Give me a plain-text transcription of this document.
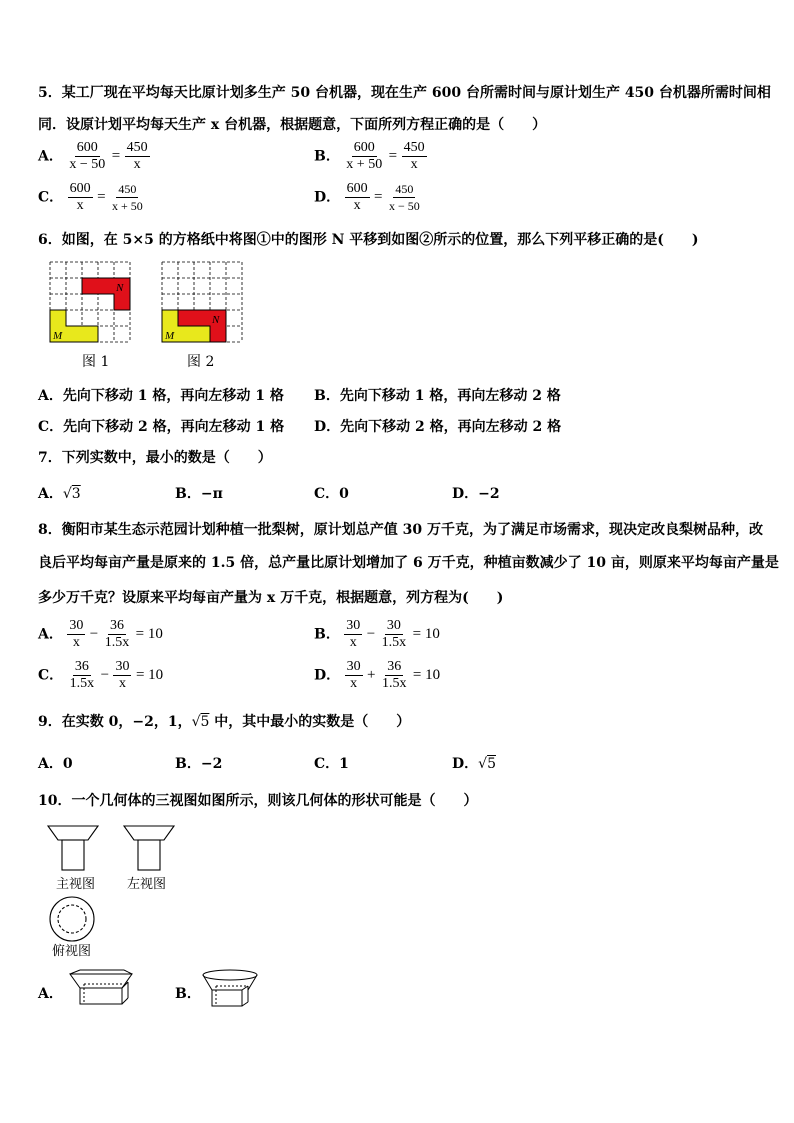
5．某工厂现在平均每天比原计划多生产 50 台机器，现在生产 600 台所需时间与原计划生产 450 台机器所需时间相
同．设原计划平均每天生产 x 台机器，根据题意，下面所列方程正确的是（　　）
A． $\frac{600}{x - 50} = \frac{450}{x}$	B． $\frac{600}{x + 50} = \frac{450}{x}$
C． $\frac{600}{x} = \frac{450}{x + 50}$	D． $\frac{600}{x} = \frac{450}{x - 50}$
6．如图，在 5×5 的方格纸中将图①中的图形 N 平移到如图②所示的位置，那么下列平移正确的是(　　)
N
M
N
M
图 1	图 2
A．先向下移动 1 格，再向左移动 1 格 B．先向下移动 1 格，再向左移动 2 格
C．先向下移动 2 格，再向左移动 1 格 D．先向下移动 2 格，再向左移动 2 格
7．下列实数中，最小的数是（　　）
A．√3	B．−π	C．0	D．−2
8．衡阳市某生态示范园计划种植一批梨树，原计划总产值 30 万千克，为了满足市场需求，现决定改良梨树品种，改
良后平均每亩产量是原来的 1.5 倍，总产量比原计划增加了 6 万千克，种植亩数减少了 10 亩，则原来平均每亩产量是
多少万千克？设原来平均每亩产量为 x 万千克，根据题意，列方程为(　　)
A． $\frac{30}{x} - \frac{36}{1.5x} = 10$	B． $\frac{30}{x} - \frac{30}{1.5x} = 10$
C． $\frac{36}{1.5x} - \frac{30}{x} = 10$	D． $\frac{30}{x} + \frac{36}{1.5x} = 10$
9．在实数 0，−2，1，√5 中，其中最小的实数是（　　）
A．0	B．−2	C．1	D．√5
10．一个几何体的三视图如图所示，则该几何体的形状可能是（　　）
主视图 左视图
俯视图
A．	B．
